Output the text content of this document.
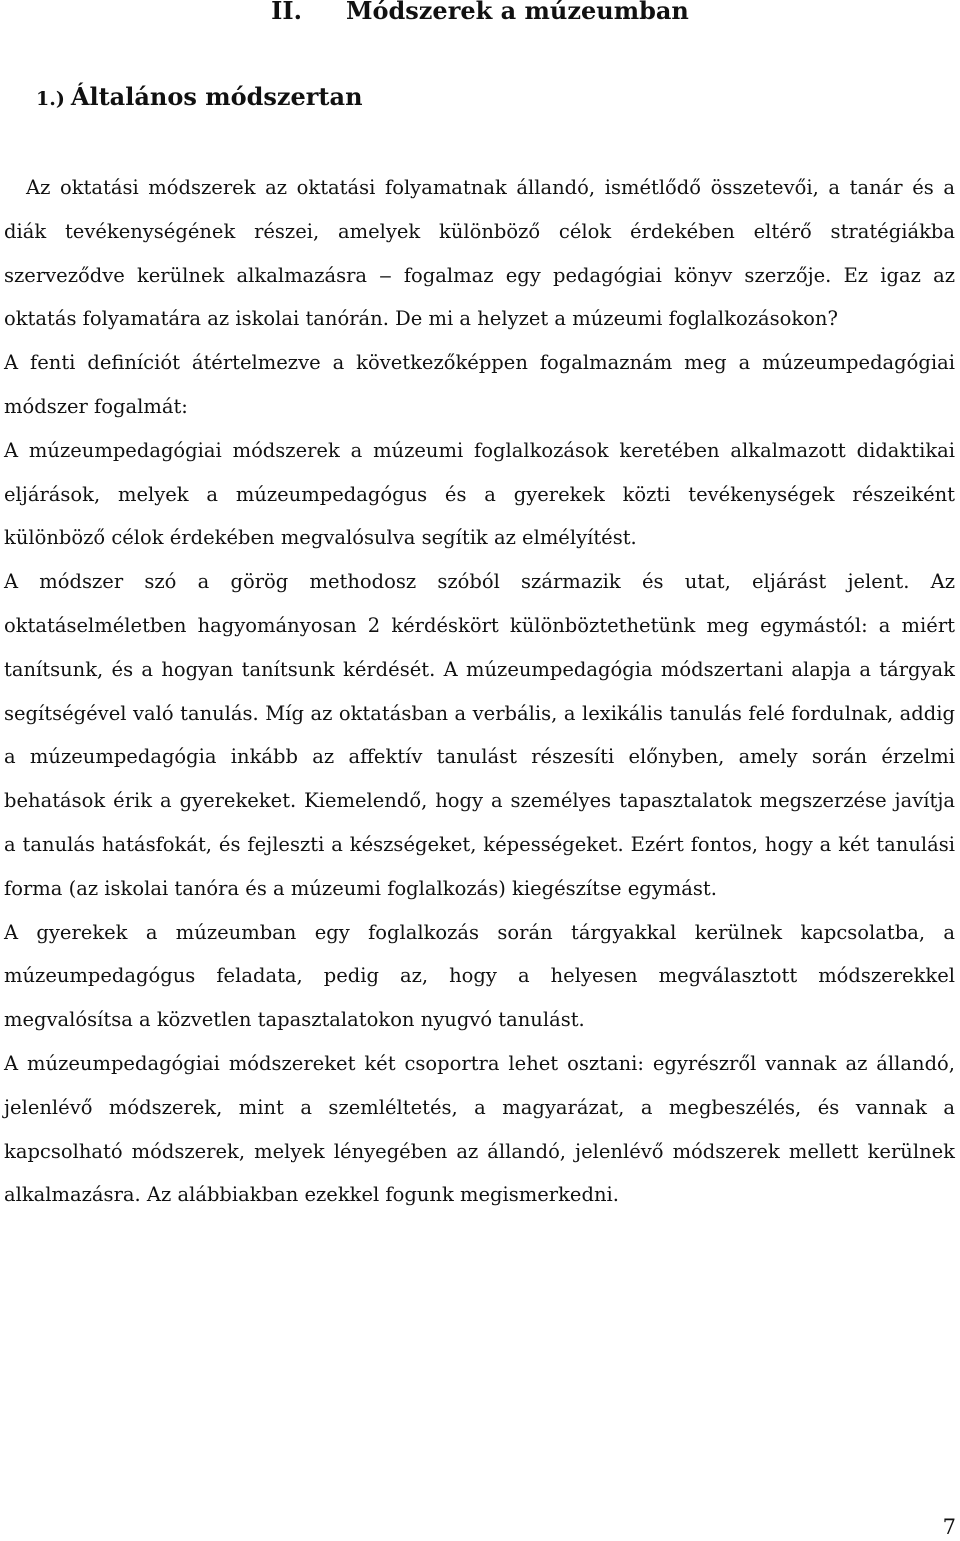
II. Módszerek a múzeumban
1.) Általános módszertan

Az oktatási módszerek az oktatási folyamatnak állandó, ismétlődő összetevői, a tanár és a diák tevékenységének részei, amelyek különböző célok érdekében eltérő stratégiákba szerveződve kerülnek alkalmazásra ‒ fogalmaz egy pedagógiai könyv szerzője. Ez igaz az oktatás folyamatára az iskolai tanórán. De mi a helyzet a múzeumi foglalkozásokon?

A fenti definíciót átértelmezve a következőképpen fogalmaznám meg a múzeumpedagógiai módszer fogalmát:

A múzeumpedagógiai módszerek a múzeumi foglalkozások keretében alkalmazott didaktikai eljárások, melyek a múzeumpedagógus és a gyerekek közti tevékenységek részeiként különböző célok érdekében megvalósulva segítik az elmélyítést.

A módszer szó a görög methodosz szóból származik és utat, eljárást jelent. Az oktatáselméletben hagyományosan 2 kérdéskört különböztethetünk meg egymástól: a miért tanítsunk, és a hogyan tanítsunk kérdését. A múzeumpedagógia módszertani alapja a tárgyak segítségével való tanulás. Míg az oktatásban a verbális, a lexikális tanulás felé fordulnak, addig a múzeumpedagógia inkább az affektív tanulást részesíti előnyben, amely során érzelmi behatások érik a gyerekeket. Kiemelendő, hogy a személyes tapasztalatok megszerzése javítja a tanulás hatásfokát, és fejleszti a készségeket, képességeket. Ezért fontos, hogy a két tanulási forma (az iskolai tanóra és a múzeumi foglalkozás) kiegészítse egymást.

A gyerekek a múzeumban egy foglalkozás során tárgyakkal kerülnek kapcsolatba, a múzeumpedagógus feladata, pedig az, hogy a helyesen megválasztott módszerekkel megvalósítsa a közvetlen tapasztalatokon nyugvó tanulást.

A múzeumpedagógiai módszereket két csoportra lehet osztani: egyrészről vannak az állandó, jelenlévő módszerek, mint a szemléltetés, a magyarázat, a megbeszélés, és vannak a kapcsolható módszerek, melyek lényegében az állandó, jelenlévő módszerek mellett kerülnek alkalmazásra. Az alábbiakban ezekkel fogunk megismerkedni.

7
